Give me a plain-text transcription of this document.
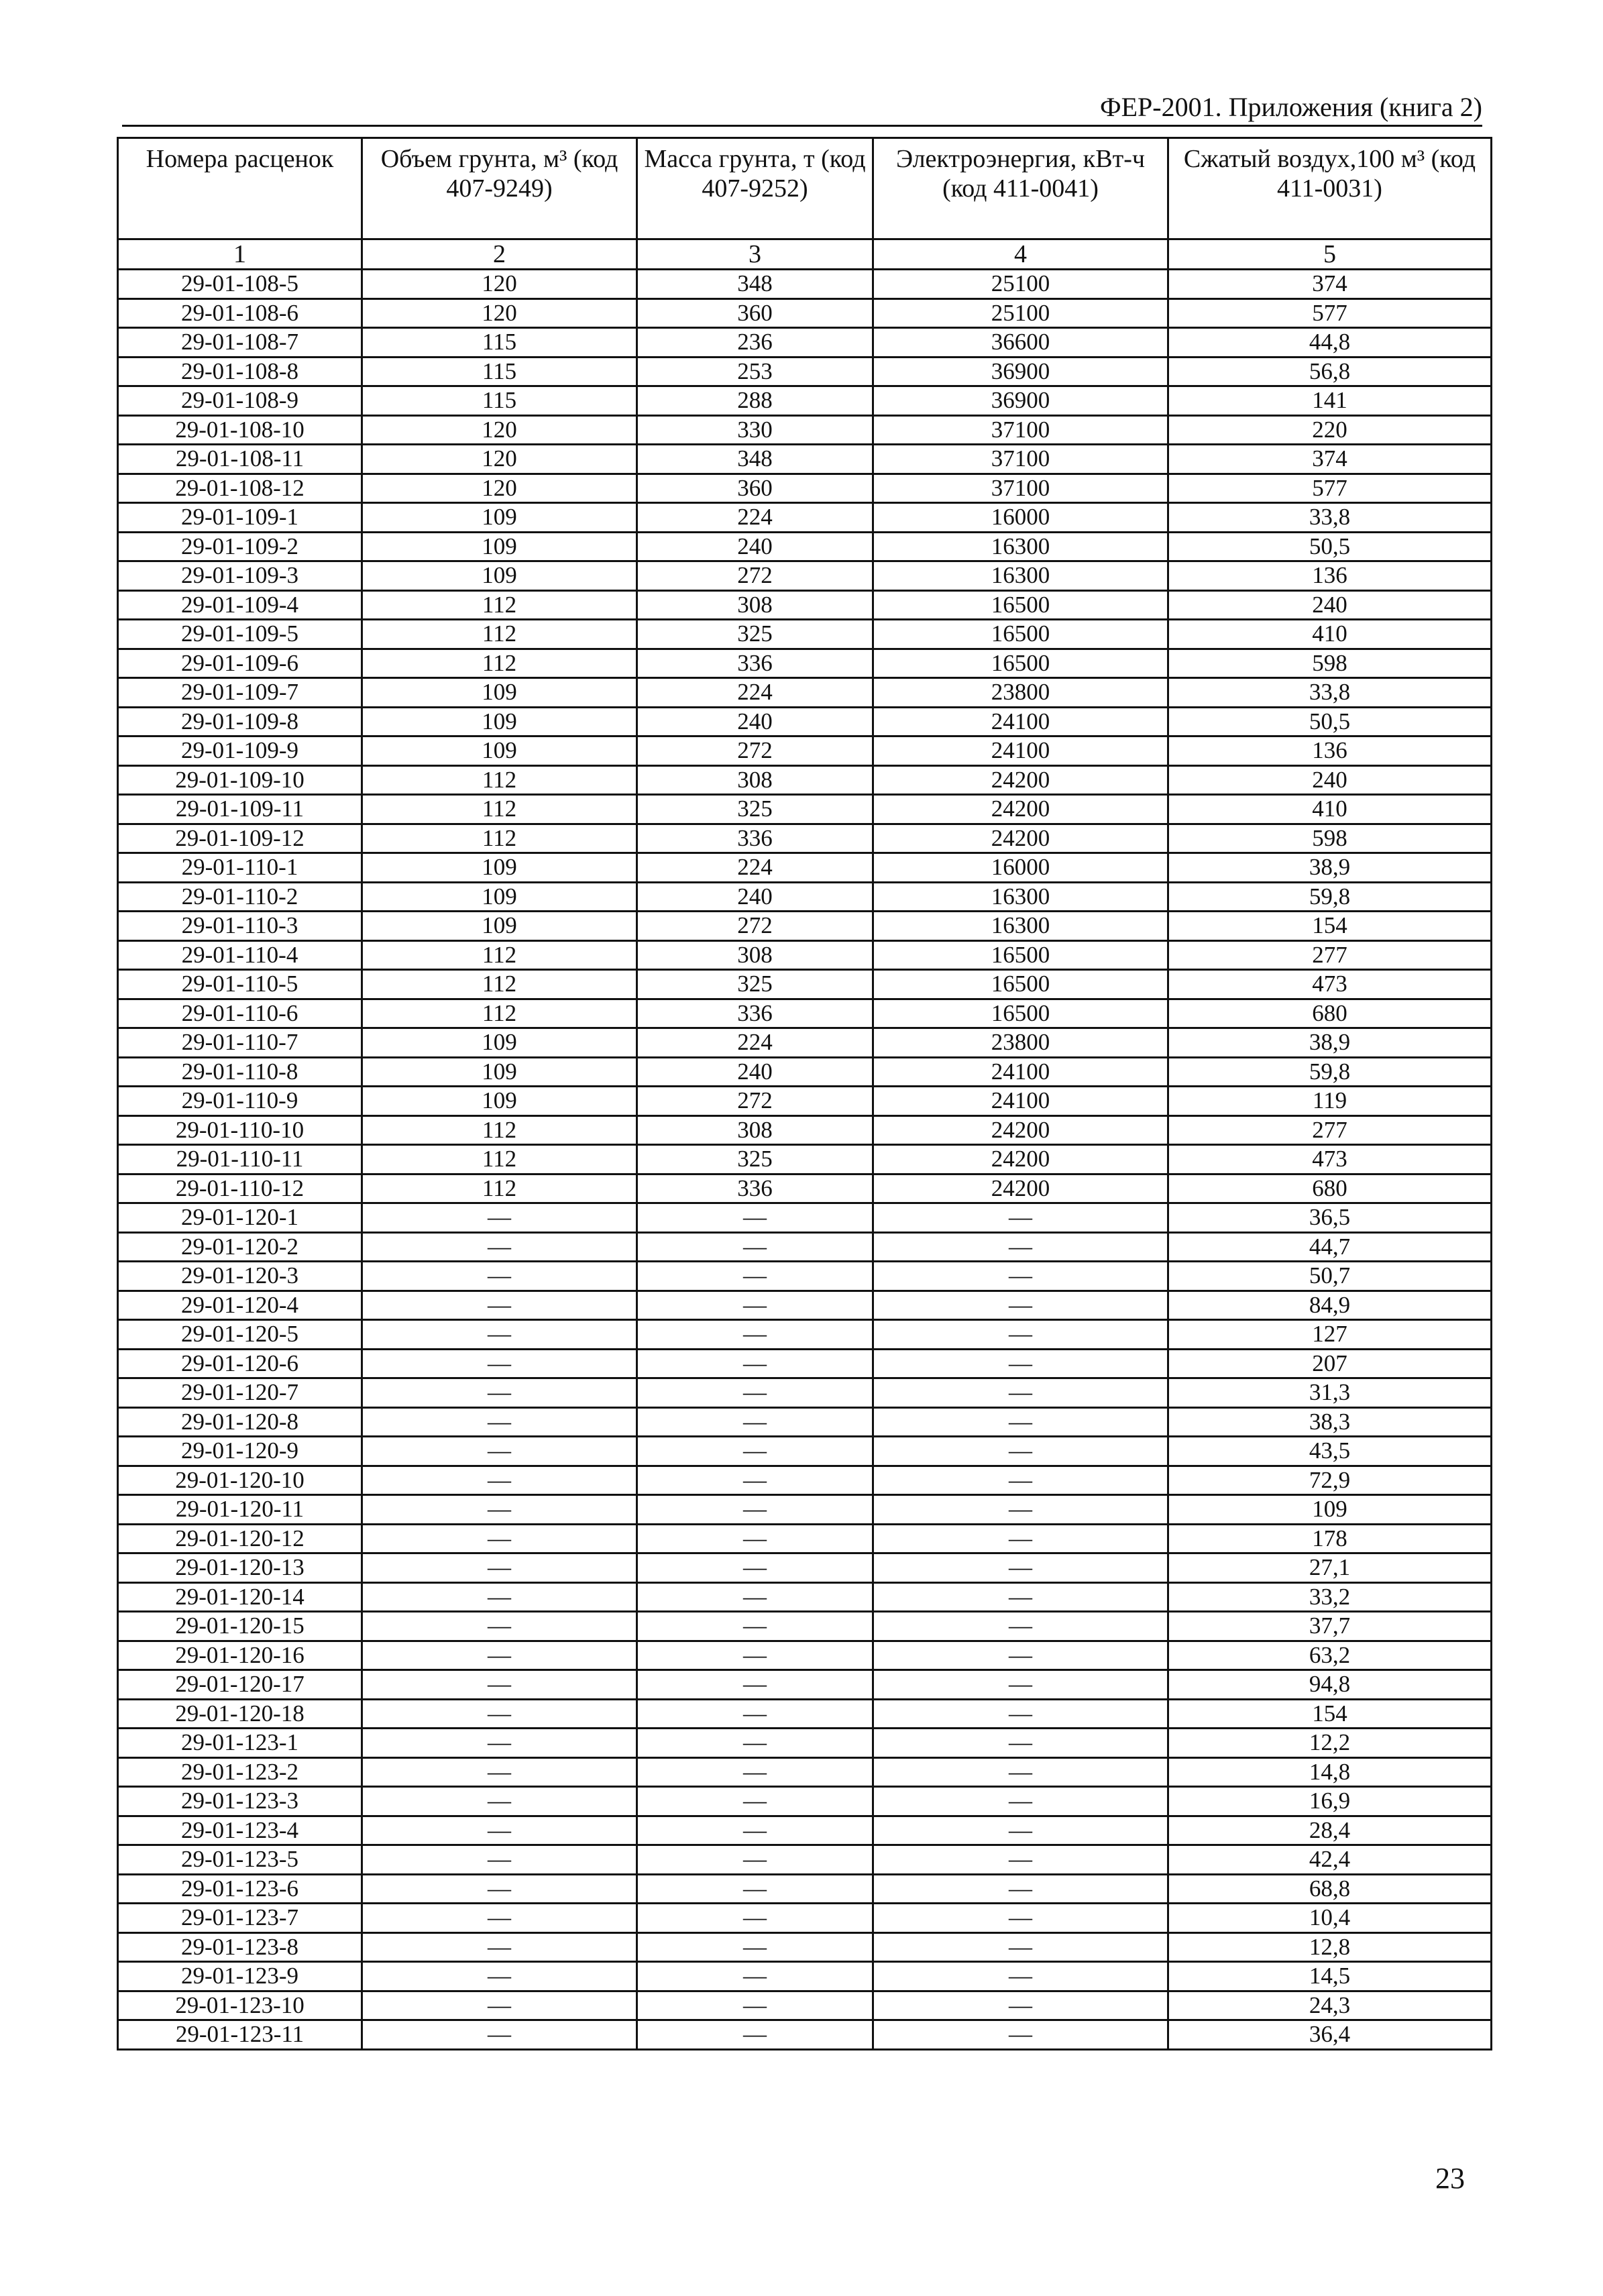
ФЕР-2001. Приложения (книга 2)
Номера расценок	Объем грунта, м³ (код 407-9249)	Масса грунта, т (код 407-9252)	Электроэнергия, кВт-ч (код 411-0041)	Сжатый воздух,100 м³ (код 411-0031)
1	2	3	4	5
29-01-108-5	120	348	25100	374
29-01-108-6	120	360	25100	577
29-01-108-7	115	236	36600	44,8
29-01-108-8	115	253	36900	56,8
29-01-108-9	115	288	36900	141
29-01-108-10	120	330	37100	220
29-01-108-11	120	348	37100	374
29-01-108-12	120	360	37100	577
29-01-109-1	109	224	16000	33,8
29-01-109-2	109	240	16300	50,5
29-01-109-3	109	272	16300	136
29-01-109-4	112	308	16500	240
29-01-109-5	112	325	16500	410
29-01-109-6	112	336	16500	598
29-01-109-7	109	224	23800	33,8
29-01-109-8	109	240	24100	50,5
29-01-109-9	109	272	24100	136
29-01-109-10	112	308	24200	240
29-01-109-11	112	325	24200	410
29-01-109-12	112	336	24200	598
29-01-110-1	109	224	16000	38,9
29-01-110-2	109	240	16300	59,8
29-01-110-3	109	272	16300	154
29-01-110-4	112	308	16500	277
29-01-110-5	112	325	16500	473
29-01-110-6	112	336	16500	680
29-01-110-7	109	224	23800	38,9
29-01-110-8	109	240	24100	59,8
29-01-110-9	109	272	24100	119
29-01-110-10	112	308	24200	277
29-01-110-11	112	325	24200	473
29-01-110-12	112	336	24200	680
29-01-120-1	—	—	—	36,5
29-01-120-2	—	—	—	44,7
29-01-120-3	—	—	—	50,7
29-01-120-4	—	—	—	84,9
29-01-120-5	—	—	—	127
29-01-120-6	—	—	—	207
29-01-120-7	—	—	—	31,3
29-01-120-8	—	—	—	38,3
29-01-120-9	—	—	—	43,5
29-01-120-10	—	—	—	72,9
29-01-120-11	—	—	—	109
29-01-120-12	—	—	—	178
29-01-120-13	—	—	—	27,1
29-01-120-14	—	—	—	33,2
29-01-120-15	—	—	—	37,7
29-01-120-16	—	—	—	63,2
29-01-120-17	—	—	—	94,8
29-01-120-18	—	—	—	154
29-01-123-1	—	—	—	12,2
29-01-123-2	—	—	—	14,8
29-01-123-3	—	—	—	16,9
29-01-123-4	—	—	—	28,4
29-01-123-5	—	—	—	42,4
29-01-123-6	—	—	—	68,8
29-01-123-7	—	—	—	10,4
29-01-123-8	—	—	—	12,8
29-01-123-9	—	—	—	14,5
29-01-123-10	—	—	—	24,3
29-01-123-11	—	—	—	36,4
23
